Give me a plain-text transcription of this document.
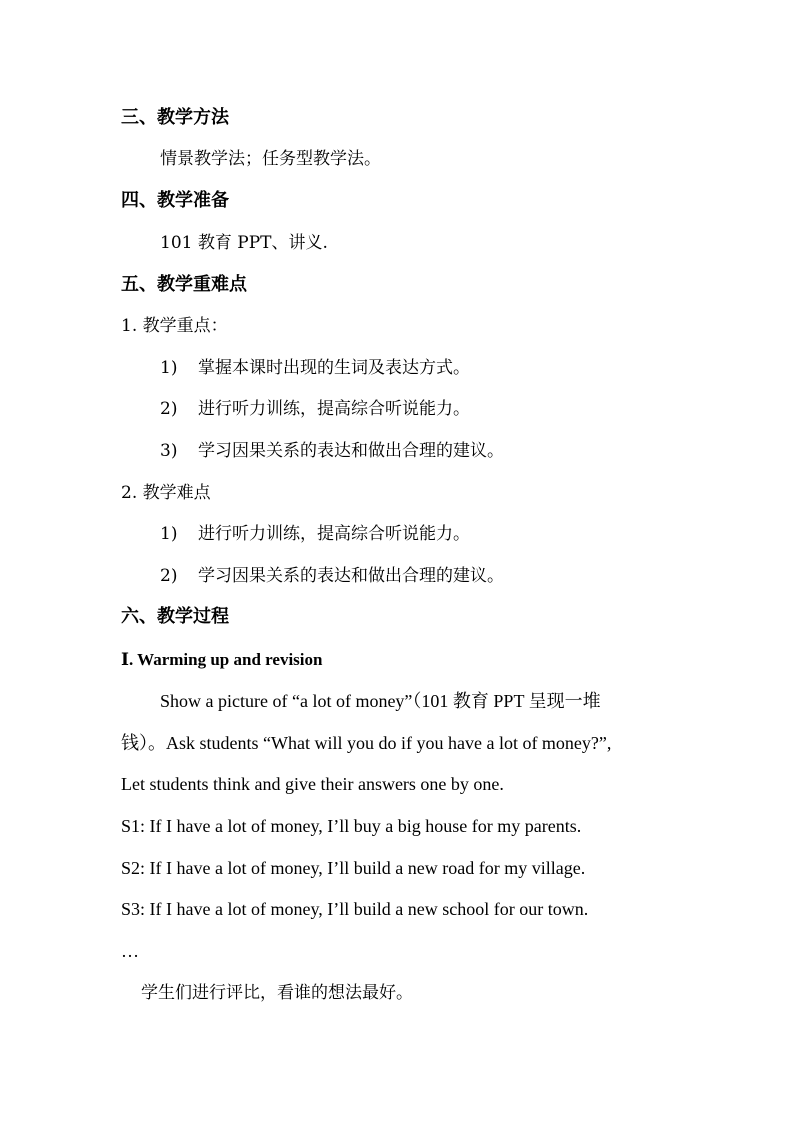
三、教学方法
情景教学法；任务型教学法。
四、教学准备
101 教育 PPT、讲义.
五、教学重难点
1. 教学重点：
1) 掌握本课时出现的生词及表达方式。
2) 进行听力训练，提高综合听说能力。
3) 学习因果关系的表达和做出合理的建议。
2. 教学难点
1) 进行听力训练，提高综合听说能力。
2) 学习因果关系的表达和做出合理的建议。
六、教学过程
Ⅰ. Warming up and revision
Show a picture of “a lot of money”（101 教育 PPT 呈现一堆
钱）。Ask students “What will you do if you have a lot of money?”,
Let students think and give their answers one by one.
S1: If I have a lot of money, I’ll buy a big house for my parents.
S2: If I have a lot of money, I’ll build a new road for my village.
S3: If I have a lot of money, I’ll build a new school for our town.
…
学生们进行评比，看谁的想法最好。
